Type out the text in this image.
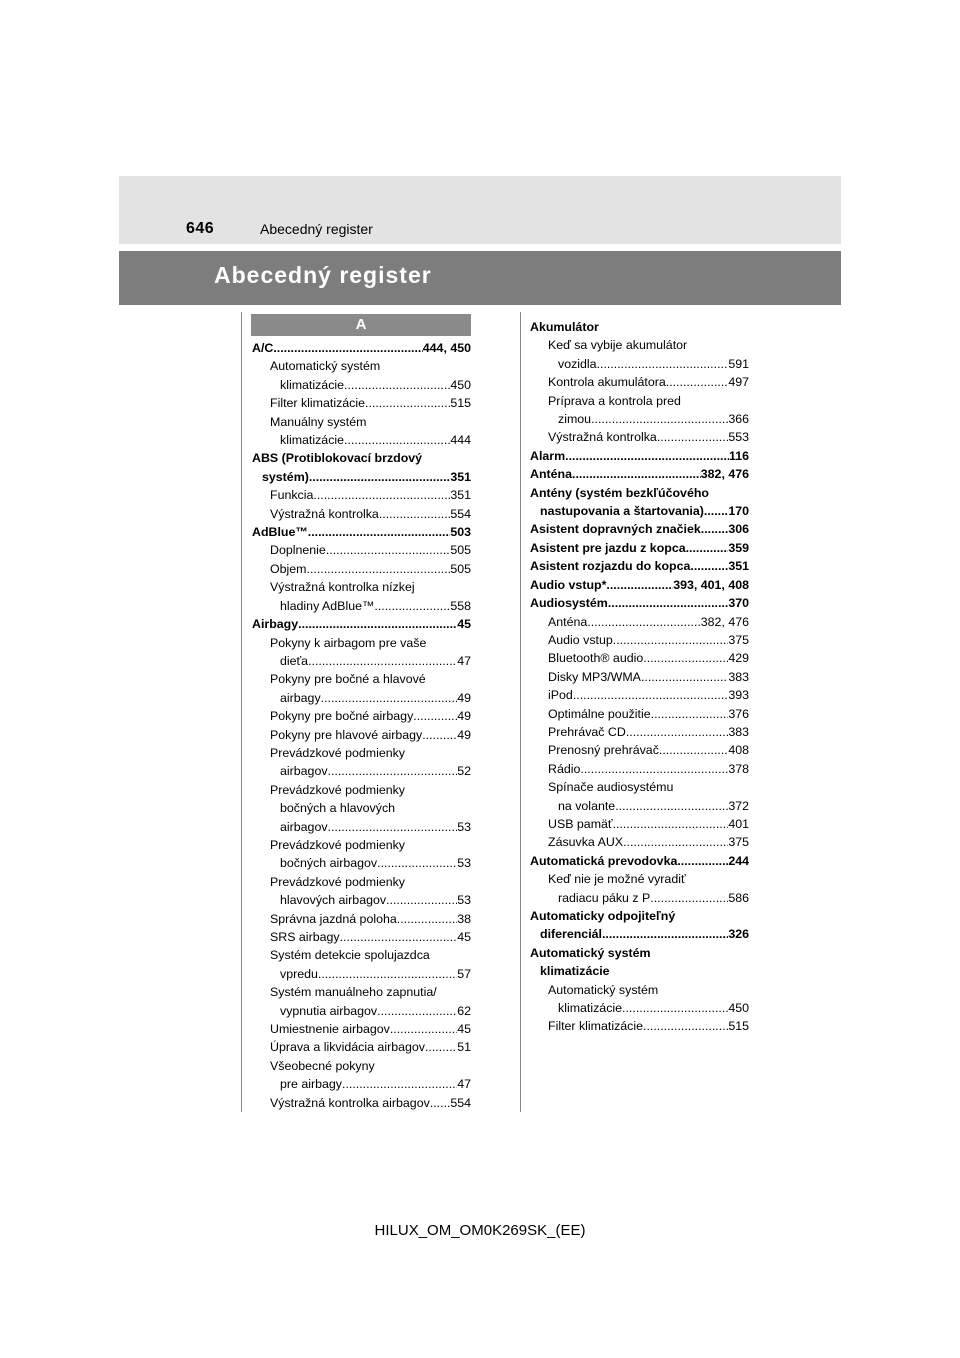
646	Abecedný register
Abecedný register
A
A/C .....	444, 450
Automatický systém
klimatizácie .....	450
Filter klimatizácie .....	515
Manuálny systém
klimatizácie .....	444
ABS (Protiblokovací brzdový
systém) .....	351
Funkcia .....	351
Výstražná kontrolka .....	554
AdBlue™ .....	503
Doplnenie .....	505
Objem .....	505
Výstražná kontrolka nízkej
hladiny AdBlue™ .....	558
Airbagy .....	45
Pokyny k airbagom pre vaše
dieťa .....	47
Pokyny pre bočné a hlavové
airbagy .....	49
Pokyny pre bočné airbagy .....	49
Pokyny pre hlavové airbagy .....	49
Prevádzkové podmienky
airbagov .....	52
Prevádzkové podmienky
bočných a hlavových
airbagov .....	53
Prevádzkové podmienky
bočných airbagov .....	53
Prevádzkové podmienky
hlavových airbagov .....	53
Správna jazdná poloha .....	38
SRS airbagy .....	45
Systém detekcie spolujazdca
vpredu .....	57
Systém manuálneho zapnutia/
vypnutia airbagov .....	62
Umiestnenie airbagov .....	45
Úprava a likvidácia airbagov .....	51
Všeobecné pokyny
pre airbagy .....	47
Výstražná kontrolka airbagov ..... 554
Akumulátor
Keď sa vybije akumulátor
vozidla .....	591
Kontrola akumulátora .....	497
Príprava a kontrola pred
zimou .....	366
Výstražná kontrolka .....	553
Alarm .....	116
Anténa .....	382, 476
Antény (systém bezkľúčového
nastupovania a štartovania) ..... 170
Asistent dopravných značiek ..... 306
Asistent pre jazdu z kopca .....	359
Asistent rozjazdu do kopca .....	351
Audio vstup* .....	393, 401, 408
Audiosystém .....	370
Anténa .....	382, 476
Audio vstup .....	375
Bluetooth® audio .....	429
Disky MP3/WMA .....	383
iPod .....	393
Optimálne použitie .....	376
Prehrávač CD .....	383
Prenosný prehrávač .....	408
Rádio .....	378
Spínače audiosystému
na volante .....	372
USB pamäť .....	401
Zásuvka AUX .....	375
Automatická prevodovka .....	244
Keď nie je možné vyradiť
radiacu páku z P .....	586
Automaticky odpojiteľný
diferenciál .....	326
Automatický systém
klimatizácie
Automatický systém
klimatizácie .....	450
Filter klimatizácie .....	515
HILUX_OM_OM0K269SK_(EE)
